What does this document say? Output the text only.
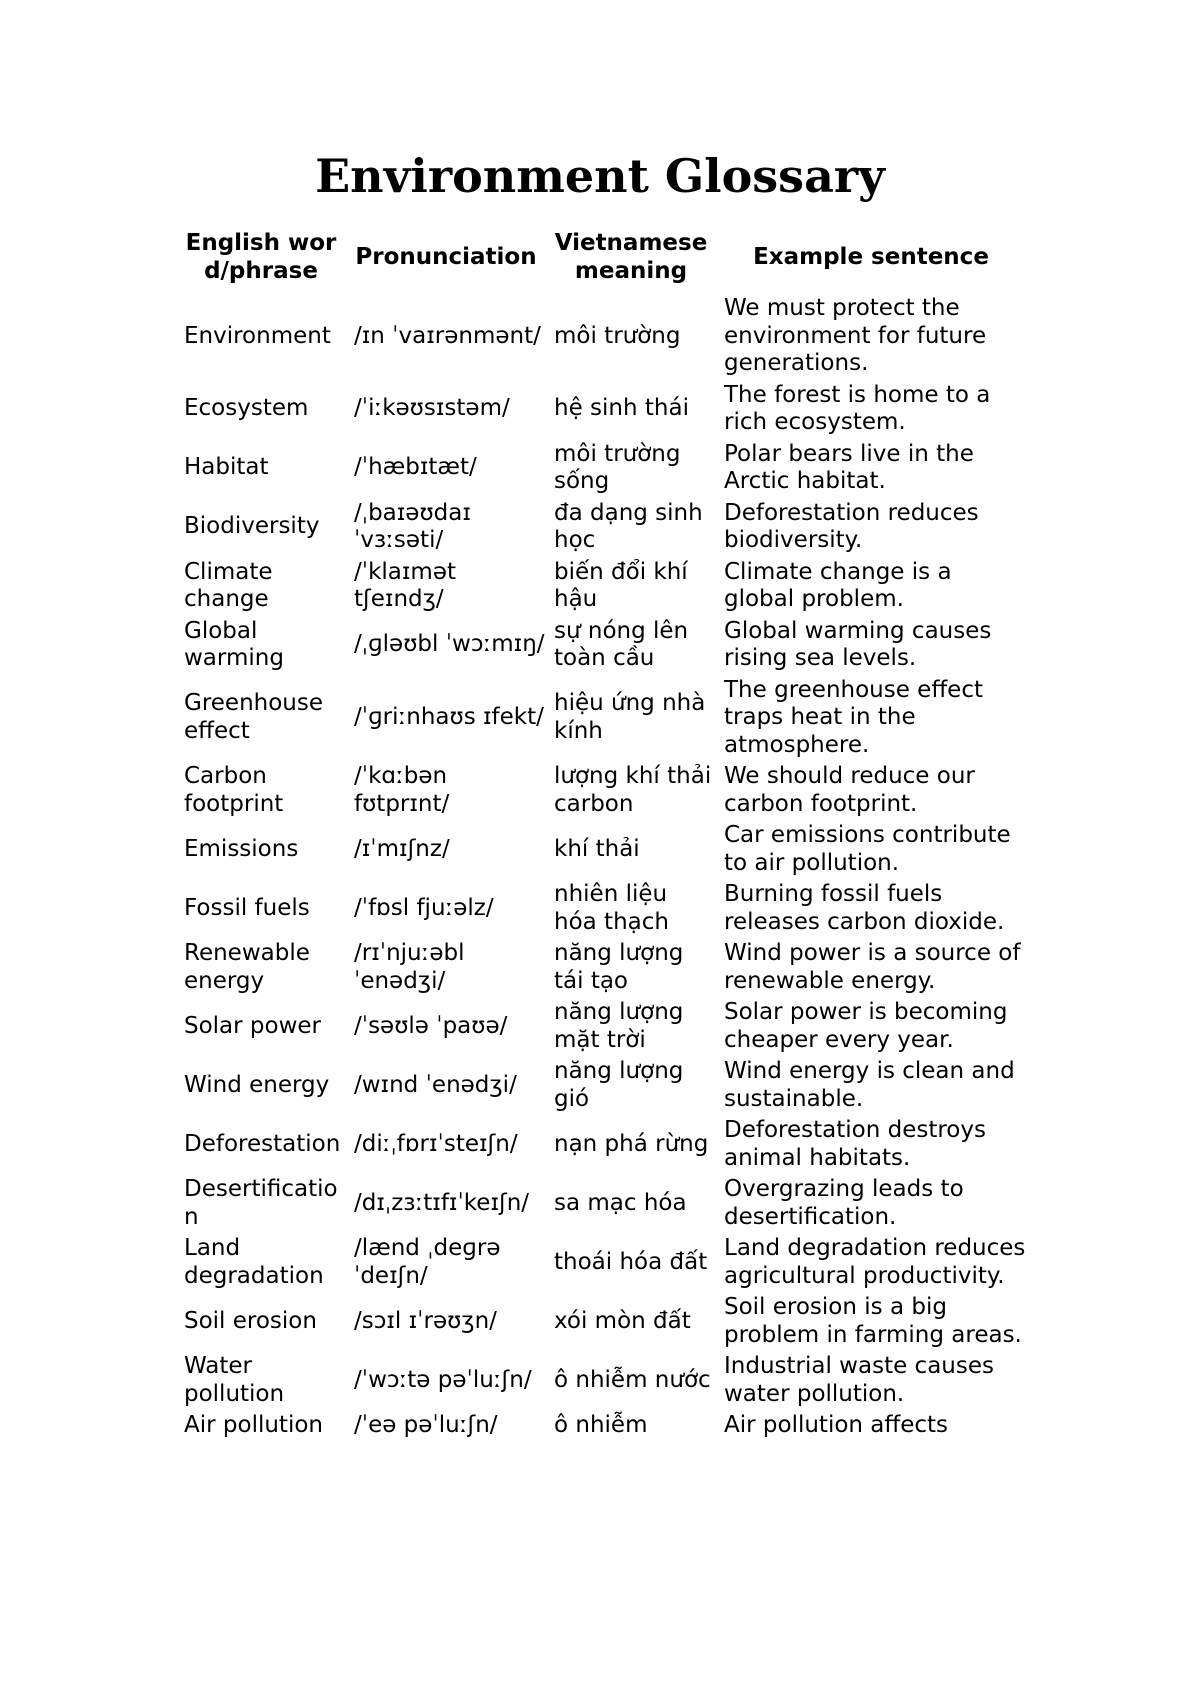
Environment Glossary
English word/phrase	Pronunciation	Vietnamese meaning	Example sentence
Environment	/ɪn ˈvaɪrənmənt/	môi trường	We must protect the environment for future generations.
Ecosystem	/ˈiːkəʊsɪstəm/	hệ sinh thái	The forest is home to a rich ecosystem.
Habitat	/ˈhæbɪtæt/	môi trường sống	Polar bears live in the Arctic habitat.
Biodiversity	/ˌbaɪəʊdaɪ ˈvɜːsəti/	đa dạng sinh học	Deforestation reduces biodiversity.
Climate change	/ˈklaɪmət tʃeɪndʒ/	biến đổi khí hậu	Climate change is a global problem.
Global warming	/ˌɡləʊbl ˈwɔːmɪŋ/	sự nóng lên toàn cầu	Global warming causes rising sea levels.
Greenhouse effect	/ˈɡriːnhaʊs ɪfekt/	hiệu ứng nhà kính	The greenhouse effect traps heat in the atmosphere.
Carbon footprint	/ˈkɑːbən fʊtprɪnt/	lượng khí thải carbon	We should reduce our carbon footprint.
Emissions	/ɪˈmɪʃnz/	khí thải	Car emissions contribute to air pollution.
Fossil fuels	/ˈfɒsl fjuːəlz/	nhiên liệu hóa thạch	Burning fossil fuels releases carbon dioxide.
Renewable energy	/rɪˈnjuːəbl ˈenədʒi/	năng lượng tái tạo	Wind power is a source of renewable energy.
Solar power	/ˈsəʊlə ˈpaʊə/	năng lượng mặt trời	Solar power is becoming cheaper every year.
Wind energy	/wɪnd ˈenədʒi/	năng lượng gió	Wind energy is clean and sustainable.
Deforestation	/diːˌfɒrɪˈsteɪʃn/	nạn phá rừng	Deforestation destroys animal habitats.
Desertification	/dɪˌzɜːtɪfɪˈkeɪʃn/	sa mạc hóa	Overgrazing leads to desertification.
Land degradation	/lænd ˌdeɡrə ˈdeɪʃn/	thoái hóa đất	Land degradation reduces agricultural productivity.
Soil erosion	/sɔɪl ɪˈrəʊʒn/	xói mòn đất	Soil erosion is a big problem in farming areas.
Water pollution	/ˈwɔːtə pəˈluːʃn/	ô nhiễm nước	Industrial waste causes water pollution.
Air pollution	/ˈeə pəˈluːʃn/	ô nhiễm	Air pollution affects
